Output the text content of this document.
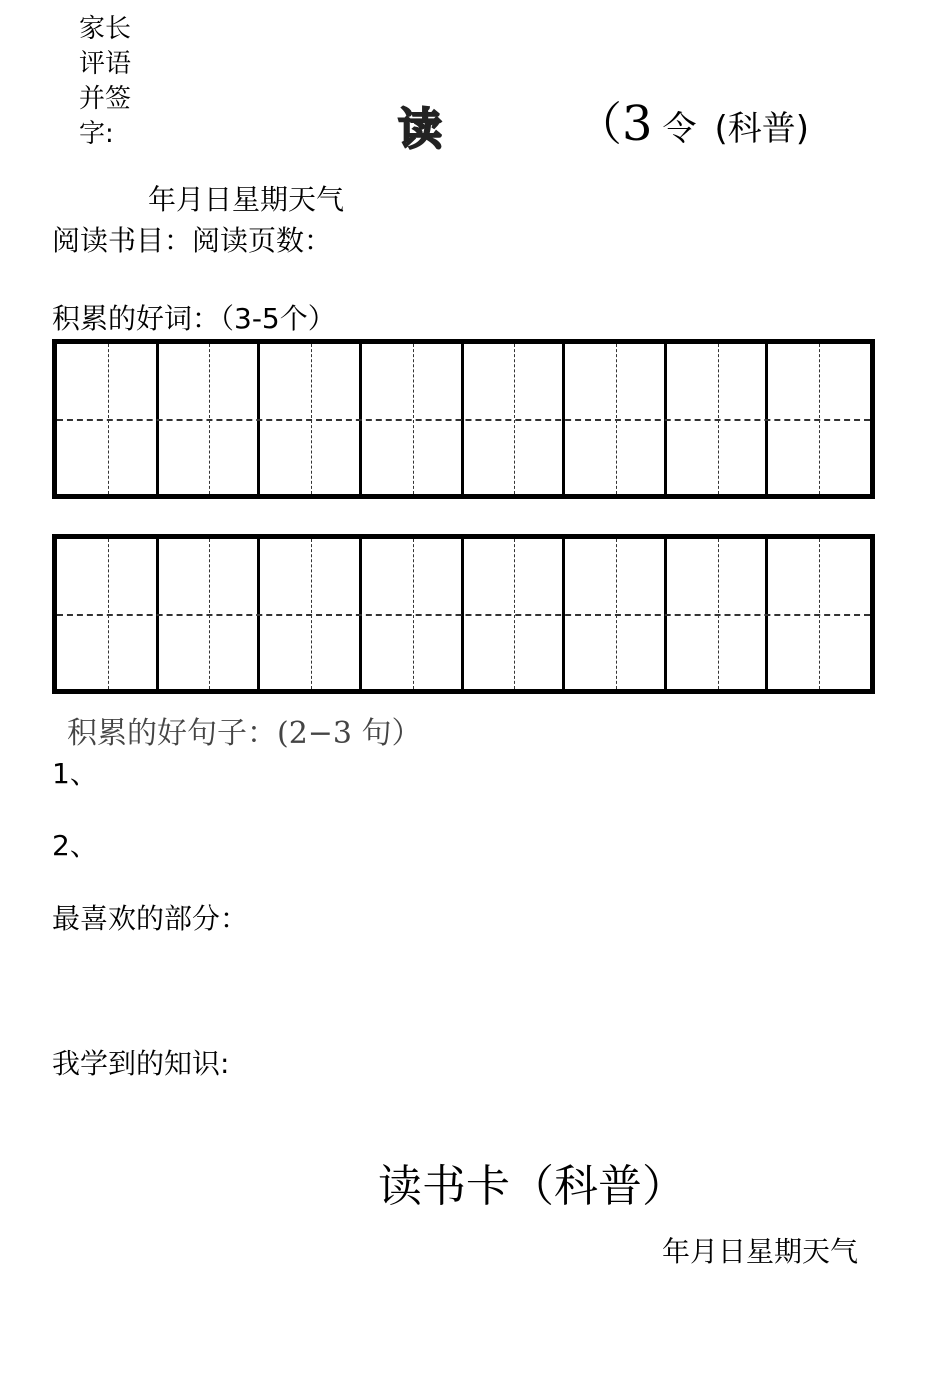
家长
评语
并签
字:	读	（3 令 (科普)
年月日星期天气
阅读书目：阅读页数：
积累的好词：（3-5个）
积累的好句子：(2−3 句）
1、
2、
最喜欢的部分：
我学到的知识:
读书卡（科普）
年月日星期天气
